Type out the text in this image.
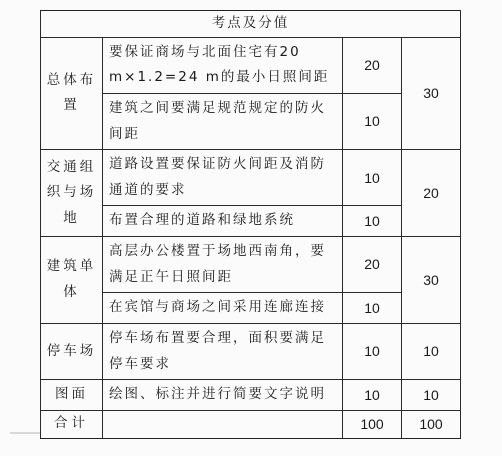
考点及分值			
总体布置	要保证商场与北面住宅有20 m×1.2=24 m的最小日照间距	20	30
	建筑之间要满足规范规定的防火间距	10	
交通组织与场地	道路设置要保证防火间距及消防通道的要求	10	20
	布置合理的道路和绿地系统	10	
建筑单体	高层办公楼置于场地西南角，要满足正午日照间距	20	30
	在宾馆与商场之间采用连廊连接	10	
停车场	停车场布置要合理，面积要满足停车要求	10	10
图面	绘图、标注并进行简要文字说明	10	10
合计		100	100
